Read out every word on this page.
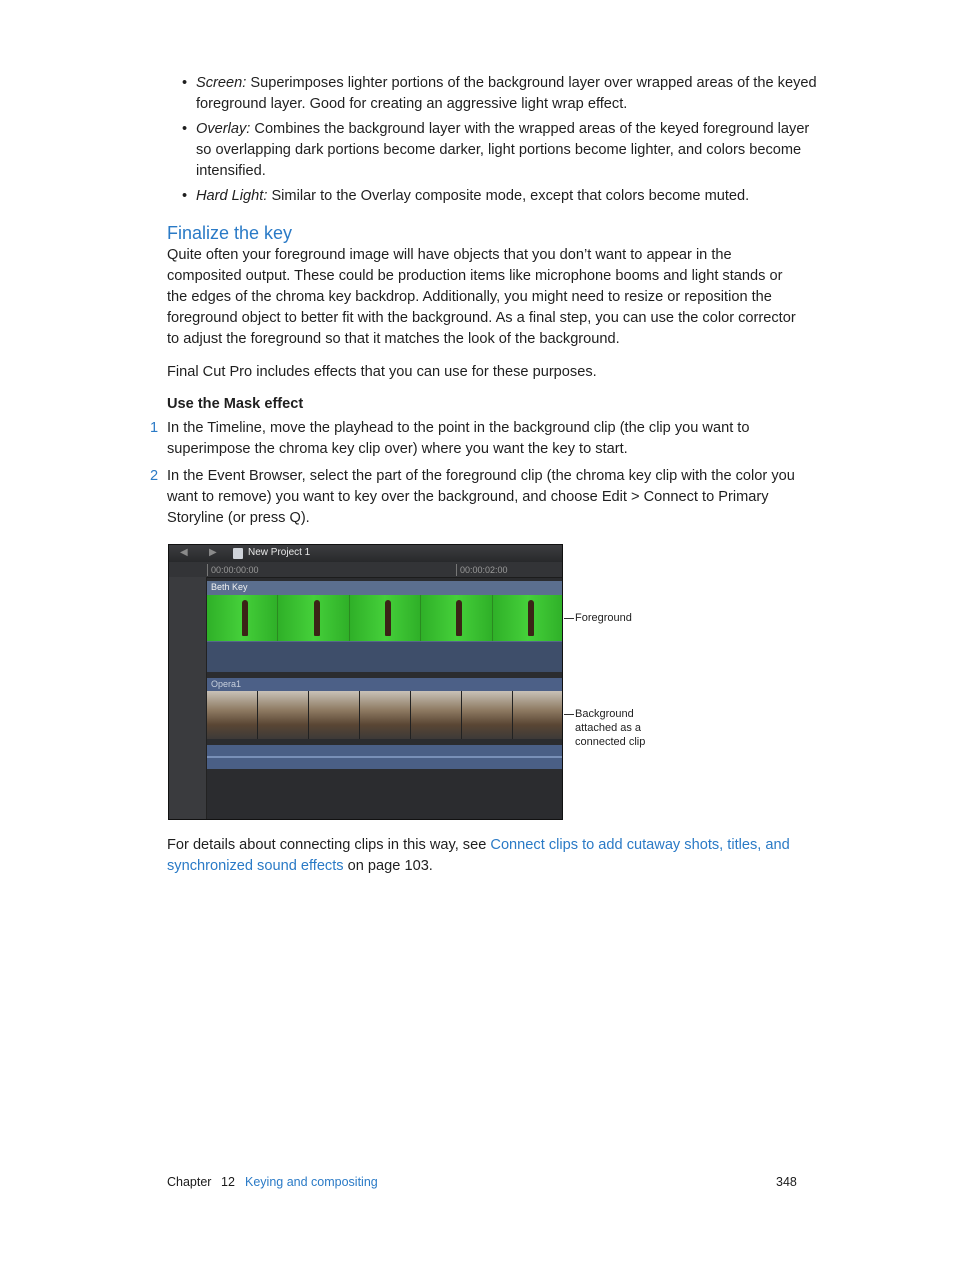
• Screen: Superimposes lighter portions of the background layer over wrapped areas of the keyed foreground layer. Good for creating an aggressive light wrap effect.
• Overlay: Combines the background layer with the wrapped areas of the keyed foreground layer so overlapping dark portions become darker, light portions become lighter, and colors become intensified.
• Hard Light: Similar to the Overlay composite mode, except that colors become muted.
Finalize the key
Quite often your foreground image will have objects that you don’t want to appear in the composited output. These could be production items like microphone booms and light stands or the edges of the chroma key backdrop. Additionally, you might need to resize or reposition the foreground object to better fit with the background. As a final step, you can use the color corrector to adjust the foreground so that it matches the look of the background.
Final Cut Pro includes effects that you can use for these purposes.
Use the Mask effect
1 In the Timeline, move the playhead to the point in the background clip (the clip you want to superimpose the chroma key clip over) where you want the key to start.
2 In the Event Browser, select the part of the foreground clip (the chroma key clip with the color you want to remove) you want to key over the background, and choose Edit > Connect to Primary Storyline (or press Q).
◀ ▶	New Project 1
00:00:00:00	00:00:02:00
Beth Key
Opera1
Foreground
Background
attached as a
connected clip
For details about connecting clips in this way, see Connect clips to add cutaway shots, titles, and synchronized sound effects on page 103.
Chapter 12 Keying and compositing	348
